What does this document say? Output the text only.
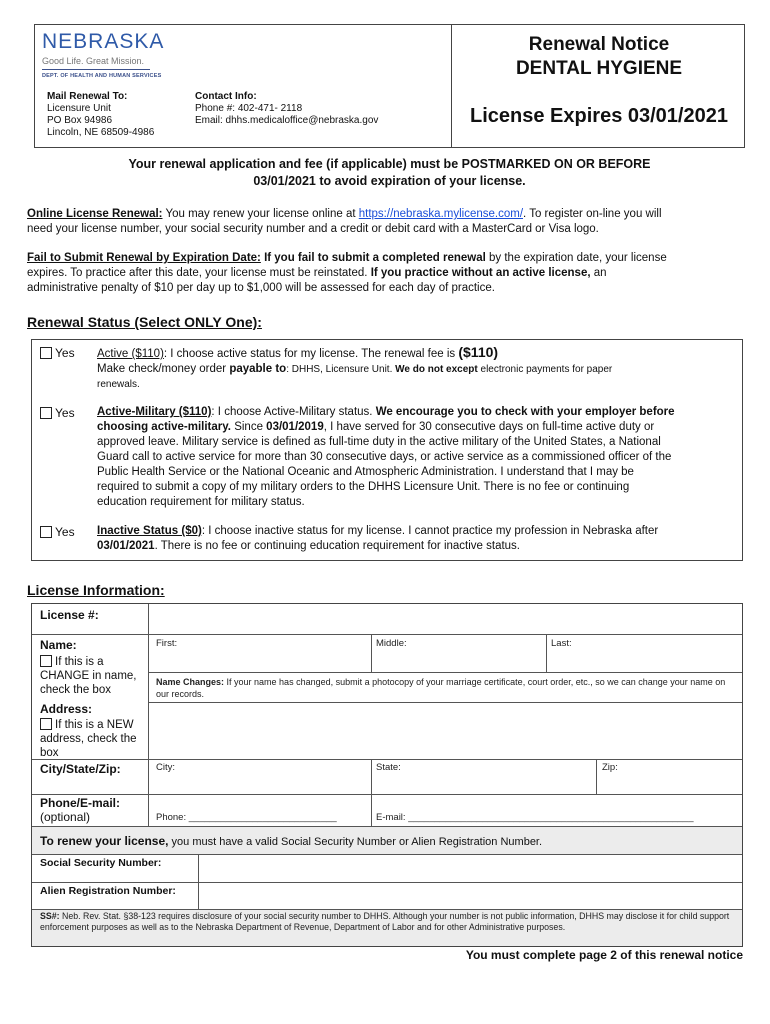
NEBRASKA
Good Life. Great Mission.
DEPT. OF HEALTH AND HUMAN SERVICES
Mail Renewal To:
Licensure Unit
PO Box 94986
Lincoln, NE 68509-4986
Contact Info:
Phone #: 402-471- 2118
Email: dhhs.medicaloffice@nebraska.gov
Renewal Notice
DENTAL HYGIENE
License Expires 03/01/2021
Your renewal application and fee (if applicable) must be POSTMARKED ON OR BEFORE
03/01/2021 to avoid expiration of your license.
Online License Renewal: You may renew your license online at https://nebraska.mylicense.com/. To register on-line you will
need your license number, your social security number and a credit or debit card with a MasterCard or Visa logo.
Fail to Submit Renewal by Expiration Date: If you fail to submit a completed renewal by the expiration date, your license
expires. To practice after this date, your license must be reinstated. If you practice without an active license, an
administrative penalty of $10 per day up to $1,000 will be assessed for each day of practice.
Renewal Status (Select ONLY One):
Yes Active ($110): I choose active status for my license. The renewal fee is ($110)
Make check/money order payable to: DHHS, Licensure Unit. We do not except electronic payments for paper
renewals.
Yes Active-Military ($110): I choose Active-Military status. We encourage you to check with your employer before
choosing active-military. Since 03/01/2019, I have served for 30 consecutive days on full-time active duty or
approved leave. Military service is defined as full-time duty in the active military of the United States, a National
Guard call to active service for more than 30 consecutive days, or active service as a commissioned officer of the
Public Health Service or the National Oceanic and Atmospheric Administration. I understand that I may be
required to submit a copy of my military orders to the DHHS Licensure Unit. There is no fee or continuing
education requirement for military status.
Yes Inactive Status ($0): I choose inactive status for my license. I cannot practice my profession in Nebraska after
03/01/2021. There is no fee or continuing education requirement for inactive status.
License Information:
License #:
Name:
If this is a CHANGE in name, check the box
First:	Middle:	Last:
Name Changes: If your name has changed, submit a photocopy of your marriage certificate, court order, etc., so we can change your name on our records.
Address:
If this is a NEW address, check the box
City/State/Zip:	City:	State:	Zip:
Phone/E-mail:
(optional)	Phone: ____________________________	E-mail: ______________________________________________________
To renew your license, you must have a valid Social Security Number or Alien Registration Number.
Social Security Number:
Alien Registration Number:
SS#: Neb. Rev. Stat. §38-123 requires disclosure of your social security number to DHHS. Although your number is not public information, DHHS may disclose it for child support enforcement purposes as well as to the Nebraska Department of Revenue, Department of Labor and for other Administrative purposes.
You must complete page 2 of this renewal notice
